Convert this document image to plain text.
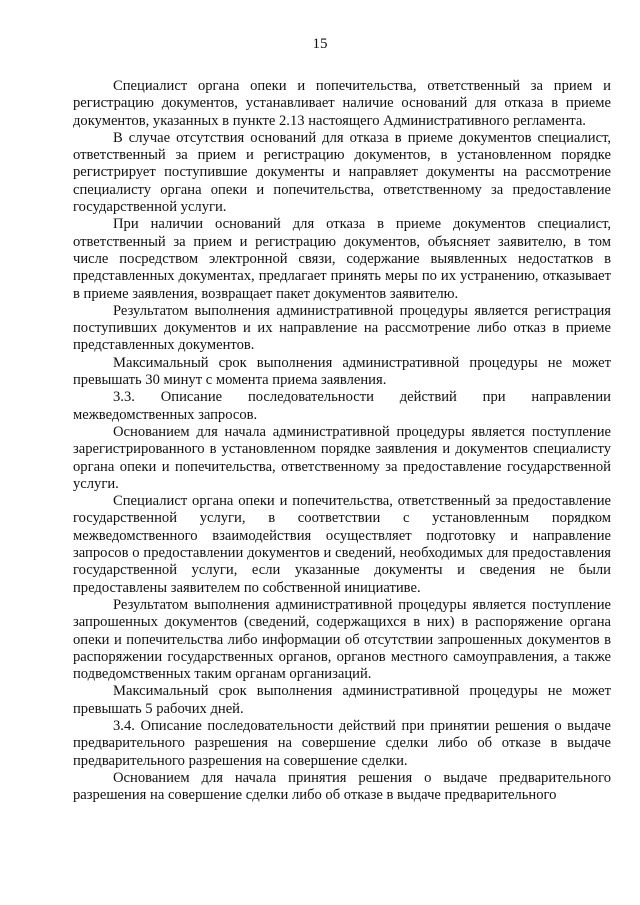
15

Специалист органа опеки и попечительства, ответственный за прием и регистрацию документов, устанавливает наличие оснований для отказа в приеме документов, указанных в пункте 2.13 настоящего Административного регламента.

В случае отсутствия оснований для отказа в приеме документов специалист, ответственный за прием и регистрацию документов, в установленном порядке регистрирует поступившие документы и направляет документы на рассмотрение специалисту органа опеки и попечительства, ответственному за предоставление государственной услуги.

При наличии оснований для отказа в приеме документов специалист, ответственный за прием и регистрацию документов, объясняет заявителю, в том числе посредством электронной связи, содержание выявленных недостатков в представленных документах, предлагает принять меры по их устранению, отказывает в приеме заявления, возвращает пакет документов заявителю.

Результатом выполнения административной процедуры является регистрация поступивших документов и их направление на рассмотрение либо отказ в приеме представленных документов.

Максимальный срок выполнения административной процедуры не может превышать 30 минут с момента приема заявления.

3.3. Описание последовательности действий при направлении межведомственных запросов.

Основанием для начала административной процедуры является поступление зарегистрированного в установленном порядке заявления и документов специалисту органа опеки и попечительства, ответственному за предоставление государственной услуги.

Специалист органа опеки и попечительства, ответственный за предоставление государственной услуги, в соответствии с установленным порядком межведомственного взаимодействия осуществляет подготовку и направление запросов о предоставлении документов и сведений, необходимых для предоставления государственной услуги, если указанные документы и сведения не были предоставлены заявителем по собственной инициативе.

Результатом выполнения административной процедуры является поступление запрошенных документов (сведений, содержащихся в них) в распоряжение органа опеки и попечительства либо информации об отсутствии запрошенных документов в распоряжении государственных органов, органов местного самоуправления, а также подведомственных таким органам организаций.

Максимальный срок выполнения административной процедуры не может превышать 5 рабочих дней.

3.4. Описание последовательности действий при принятии решения о выдаче предварительного разрешения на совершение сделки либо об отказе в выдаче предварительного разрешения на совершение сделки.

Основанием для начала принятия решения о выдаче предварительного разрешения на совершение сделки либо об отказе в выдаче предварительного
